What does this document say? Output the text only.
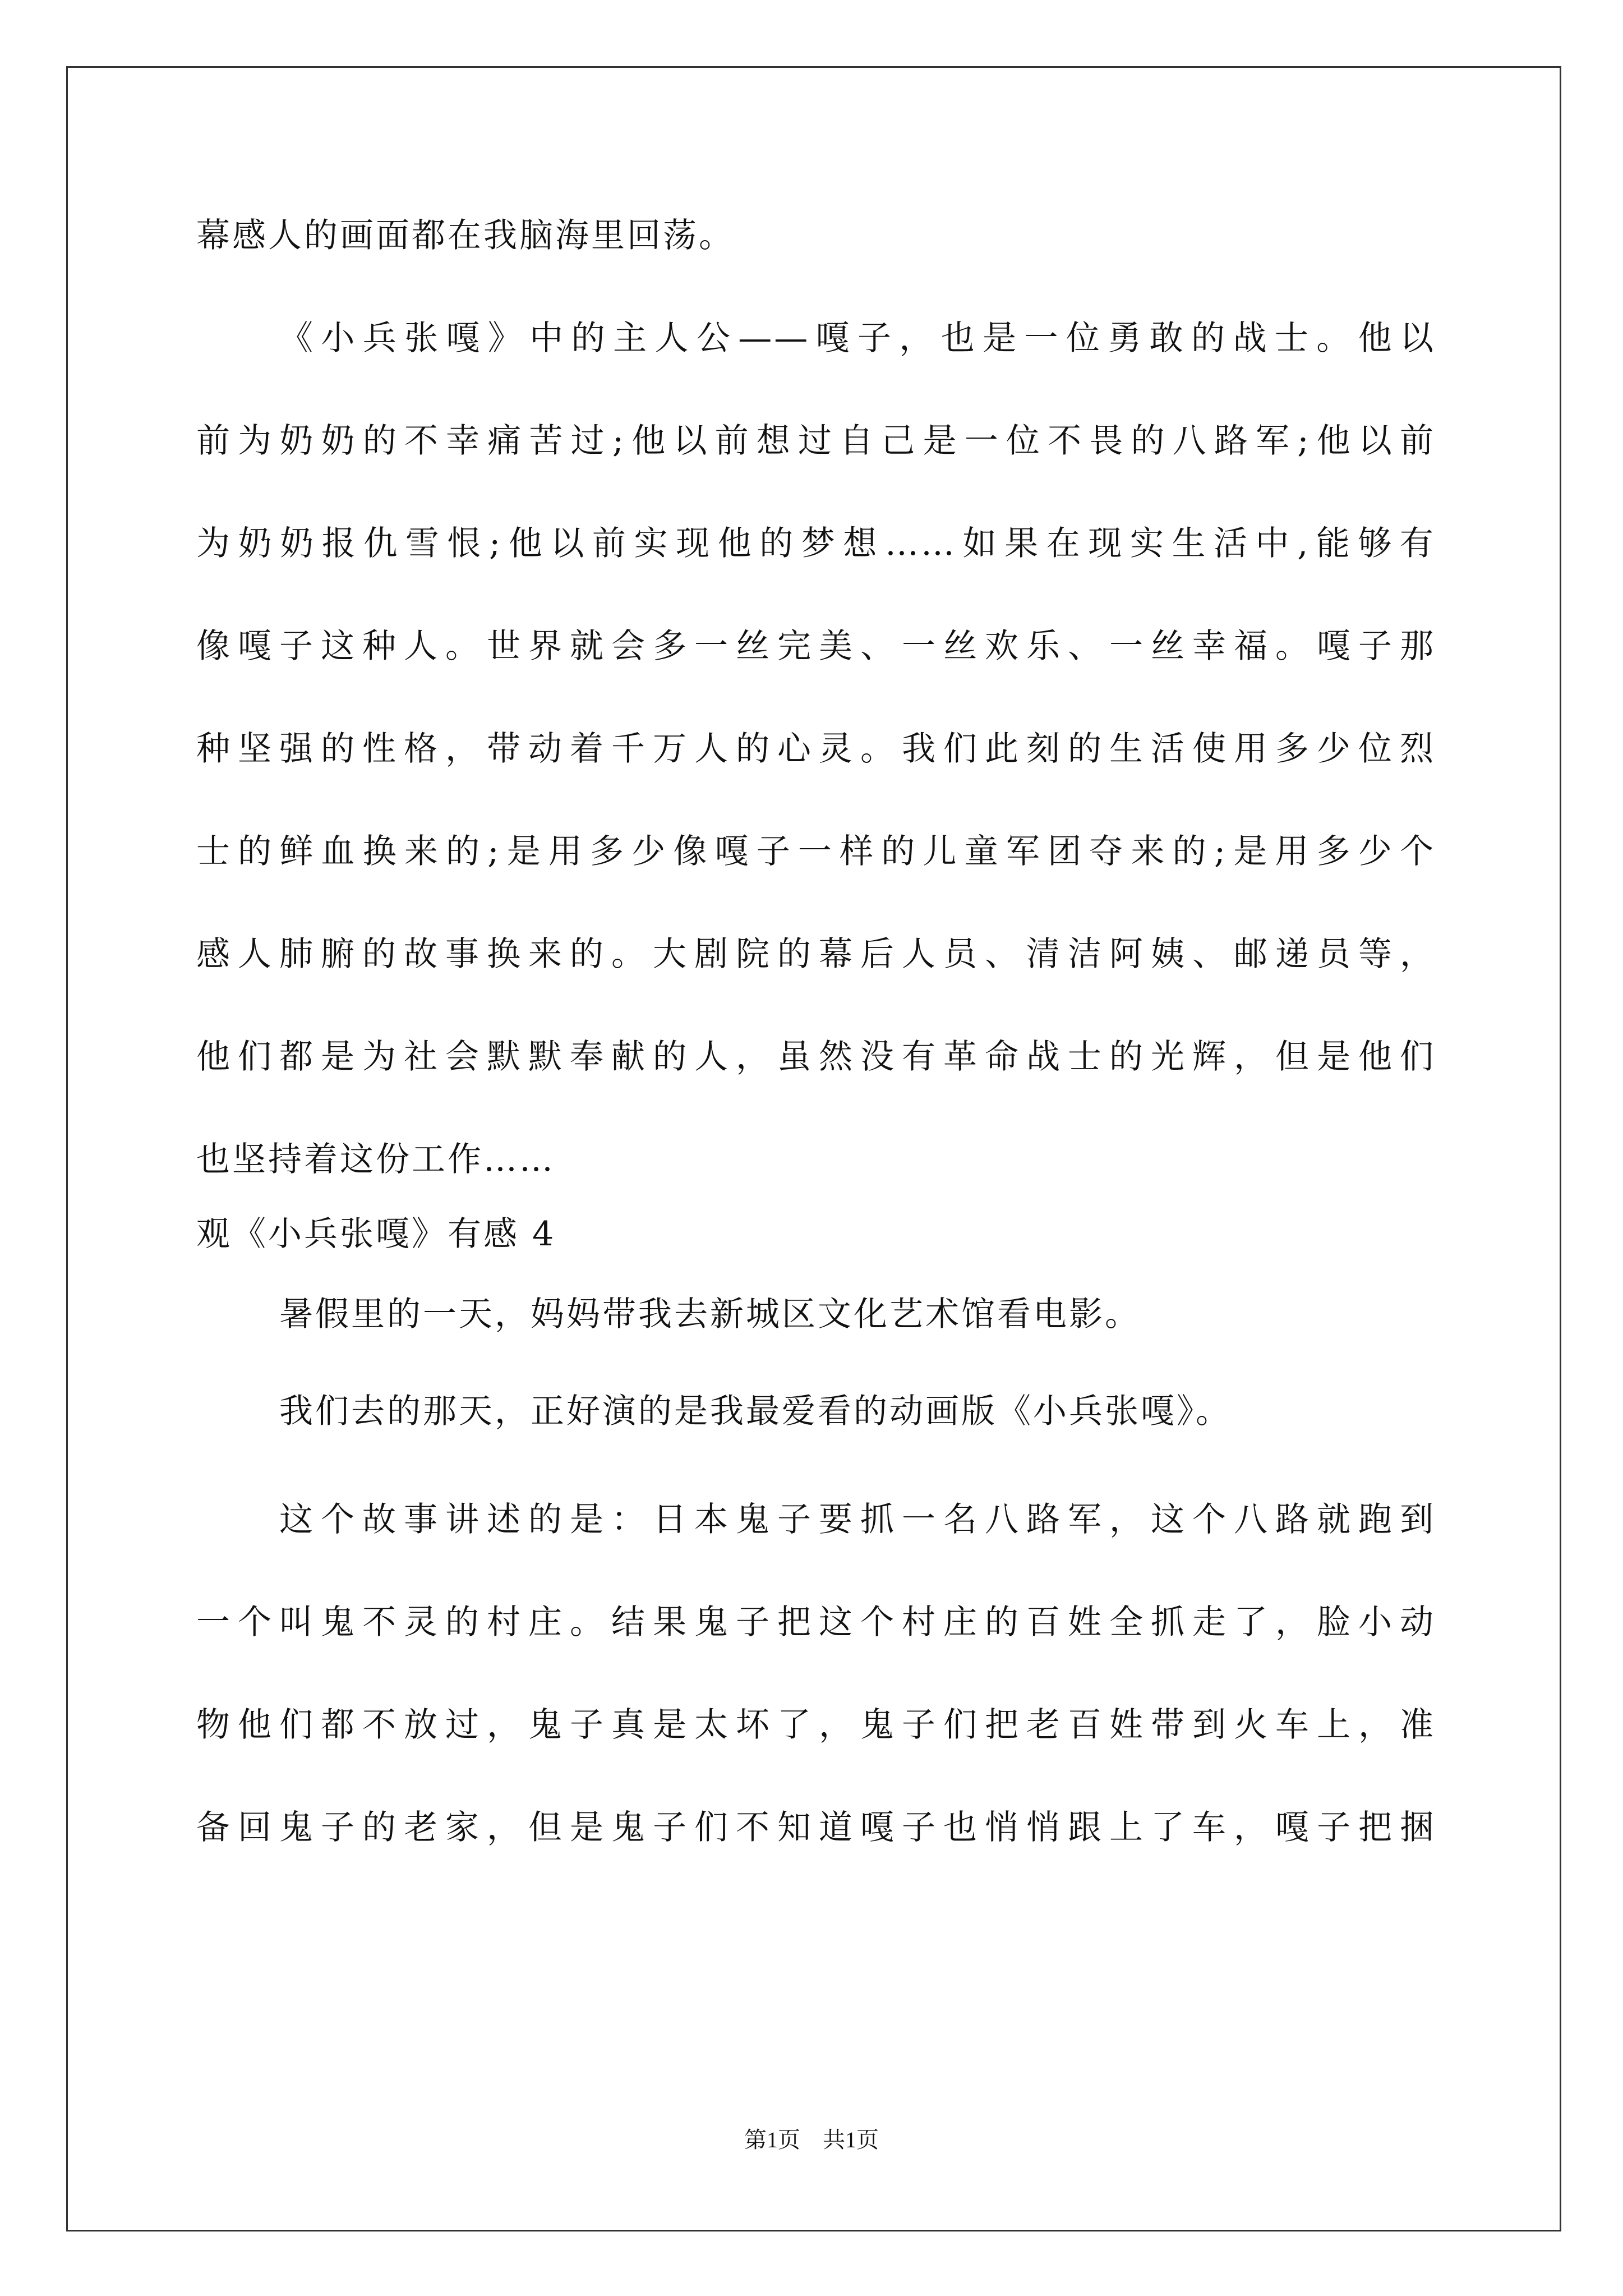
幕感人的画面都在我脑海里回荡。
《小兵张嘎》中的主人公——嘎子，也是一位勇敢的战士。他以
前为奶奶的不幸痛苦过;他以前想过自己是一位不畏的八路军;他以前
为奶奶报仇雪恨;他以前实现他的梦想……如果在现实生活中,能够有
像嘎子这种人。世界就会多一丝完美、一丝欢乐、一丝幸福。嘎子那
种坚强的性格，带动着千万人的心灵。我们此刻的生活使用多少位烈
士的鲜血换来的;是用多少像嘎子一样的儿童军团夺来的;是用多少个
感人肺腑的故事换来的。大剧院的幕后人员、清洁阿姨、邮递员等，
他们都是为社会默默奉献的人，虽然没有革命战士的光辉，但是他们
也坚持着这份工作……
观《小兵张嘎》有感 4
暑假里的一天，妈妈带我去新城区文化艺术馆看电影。
我们去的那天，正好演的是我最爱看的动画版《小兵张嘎》。
这个故事讲述的是：日本鬼子要抓一名八路军，这个八路就跑到
一个叫鬼不灵的村庄。结果鬼子把这个村庄的百姓全抓走了，脸小动
物他们都不放过，鬼子真是太坏了，鬼子们把老百姓带到火车上，准
备回鬼子的老家，但是鬼子们不知道嘎子也悄悄跟上了车，嘎子把捆
第1页　共1页
